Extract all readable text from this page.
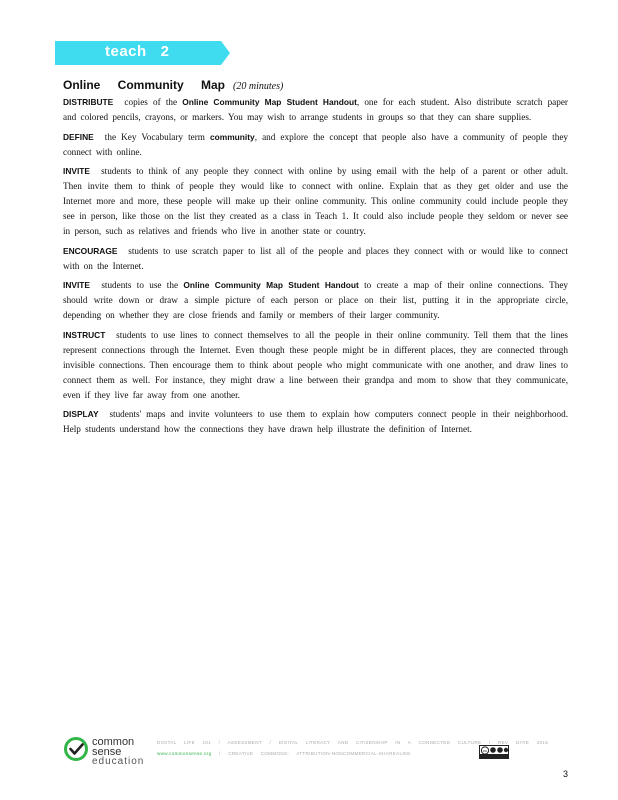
teach   2
Online Community Map (20 minutes)

DISTRIBUTE copies of the Online Community Map Student Handout, one for each student. Also distribute scratch paper and colored pencils, crayons, or markers. You may wish to arrange students in groups so that they can share supplies.

DEFINE the Key Vocabulary term community, and explore the concept that people also have a community of people they connect with online.

INVITE students to think of any people they connect with online by using email with the help of a parent or other adult. Then invite them to think of people they would like to connect with online. Explain that as they get older and use the Internet more and more, these people will make up their online community. This online community could include people they see in person, like those on the list they created as a class in Teach 1. It could also include people they seldom or never see in person, such as relatives and friends who live in another state or country.

ENCOURAGE students to use scratch paper to list all of the people and places they connect with or would like to connect with on the Internet.

INVITE students to use the Online Community Map Student Handout to create a map of their online connections. They should write down or draw a simple picture of each person or place on their list, putting it in the appropriate circle, depending on whether they are close friends and family or members of their larger community.

INSTRUCT students to use lines to connect themselves to all the people in their online community. Tell them that the lines represent connections through the Internet. Even though these people might be in different places, they are connected through invisible connections. Then encourage them to think about people who might communicate with one another, and draw lines to connect them as well. For instance, they might draw a line between their grandpa and mom to show that they communicate, even if they live far away from one another.

DISPLAY students' maps and invite volunteers to use them to explain how computers connect people in their neighborhood. Help students understand how the connections they have drawn help illustrate the definition of Internet.

common
sense
education
DIGITAL LIFE 101 / ASSESSMENT / DIGITAL LITERACY AND CITIZENSHIP IN A CONNECTED CULTURE / REV DATE 2015
www.commonsense.org / CREATIVE COMMONS: ATTRIBUTION-NONCOMMERCIAL-SHAREALIKE
cc
3
